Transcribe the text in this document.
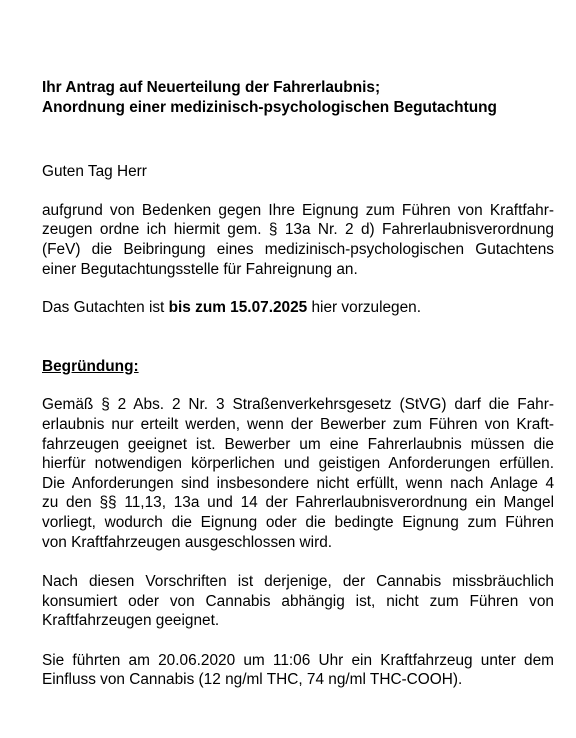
Ihr Antrag auf Neuerteilung der Fahrerlaubnis;
Anordnung einer medizinisch-psychologischen Begutachtung
Guten Tag Herr
aufgrund von Bedenken gegen Ihre Eignung zum Führen von Kraftfahr-
zeugen ordne ich hiermit gem. § 13a Nr. 2 d) Fahrerlaubnisverordnung
(FeV) die Beibringung eines medizinisch-psychologischen Gutachtens
einer Begutachtungsstelle für Fahreignung an.
Das Gutachten ist bis zum 15.07.2025 hier vorzulegen.
Begründung:
Gemäß § 2 Abs. 2 Nr. 3 Straßenverkehrsgesetz (StVG) darf die Fahr-
erlaubnis nur erteilt werden, wenn der Bewerber zum Führen von Kraft-
fahrzeugen geeignet ist. Bewerber um eine Fahrerlaubnis müssen die
hierfür notwendigen körperlichen und geistigen Anforderungen erfüllen.
Die Anforderungen sind insbesondere nicht erfüllt, wenn nach Anlage 4
zu den §§ 11,13, 13a und 14 der Fahrerlaubnisverordnung ein Mangel
vorliegt, wodurch die Eignung oder die bedingte Eignung zum Führen
von Kraftfahrzeugen ausgeschlossen wird.
Nach diesen Vorschriften ist derjenige, der Cannabis missbräuchlich
konsumiert oder von Cannabis abhängig ist, nicht zum Führen von
Kraftfahrzeugen geeignet.
Sie führten am 20.06.2020 um 11:06 Uhr ein Kraftfahrzeug unter dem
Einfluss von Cannabis (12 ng/ml THC, 74 ng/ml THC-COOH).
